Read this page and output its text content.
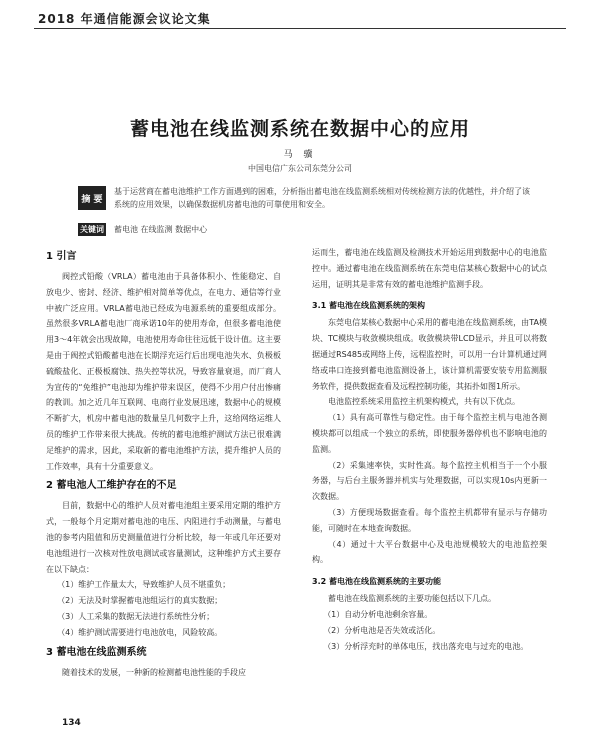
2018 年通信能源会议论文集
蓄电池在线监测系统在数据中心的应用
马 骥
中国电信广东公司东莞分公司
摘 要
基于运营商在蓄电池维护工作方面遇到的困难，分析指出蓄电池在线监测系统相对传统检测方法的优越性，并介绍了该系统的应用效果，以确保数据机房蓄电池的可靠使用和安全。
关键词 蓄电池 在线监测 数据中心
1 引言

阀控式铅酸（VRLA）蓄电池由于具备体积小、性能稳定、自放电少、密封、经济、维护相对简单等优点，在电力、通信等行业中被广泛应用。VRLA蓄电池已经成为电源系统的重要组成部分。虽然很多VRLA蓄电池厂商承诺10年的使用寿命，但很多蓄电池使用3～4年就会出现故障，电池使用寿命往往远低于设计值。这主要是由于阀控式铅酸蓄电池在长期浮充运行后出现电池失水、负极板硫酸盐化、正极板腐蚀、热失控等状况，导致容量衰退，而厂商人为宣传的“免维护”电池却为维护带来误区，使得不少用户付出惨痛的教训。加之近几年互联网、电商行业发展迅速，数据中心的规模不断扩大，机房中蓄电池的数量呈几何数字上升，这给网络运维人员的维护工作带来很大挑战。传统的蓄电池维护测试方法已很难满足维护的需求，因此，采取新的蓄电池维护方法，提升维护人员的工作效率，具有十分重要意义。

2 蓄电池人工维护存在的不足

目前，数据中心的维护人员对蓄电池组主要采用定期的维护方式，一般每个月定期对蓄电池的电压、内阻进行手动测量，与蓄电池的参考内阻值和历史测量值进行分析比较，每一年或几年还要对电池组进行一次核对性放电测试或容量测试，这种维护方式主要存在以下缺点：

（1）维护工作量太大，导致维护人员不堪重负；

（2）无法及时掌握蓄电池组运行的真实数据；

（3）人工采集的数据无法进行系统性分析；

（4）维护测试需要进行电池放电，风险较高。

3 蓄电池在线监测系统

随着技术的发展，一种新的检测蓄电池性能的手段应

运而生，蓄电池在线监测及检测技术开始运用到数据中心的电池监控中。通过蓄电池在线监测系统在东莞电信某核心数据中心的试点运用，证明其是非常有效的蓄电池维护监测手段。

3.1 蓄电池在线监测系统的架构

东莞电信某核心数据中心采用的蓄电池在线监测系统，由TA模块、TC模块与收敛模块组成。收敛模块带LCD显示，并且可以将数据通过RS485或网络上传，远程监控时，可以用一台计算机通过网络或串口连接到蓄电池监测设备上，该计算机需要安装专用监测服务软件，提供数据查看及远程控制功能，其拓扑如图1所示。

电池监控系统采用监控主机架构模式，共有以下优点。

（1）具有高可靠性与稳定性。由于每个监控主机与电池各测模块都可以组成一个独立的系统，即使服务器停机也不影响电池的监测。

（2）采集速率快，实时性高。每个监控主机相当于一个小服务器，与后台主服务器并机实与处理数据，可以实现10s内更新一次数据。

（3）方便现场数据查看。每个监控主机都带有显示与存储功能，可随时在本地查询数据。

（4）通过十大平台数据中心及电池规模较大的电池监控架构。

3.2 蓄电池在线监测系统的主要功能

蓄电池在线监测系统的主要功能包括以下几点。

（1）自动分析电池剩余容量。

（2）分析电池是否失效或活化。

（3）分析浮充时的单体电压，找出落充电与过充的电池。

134
